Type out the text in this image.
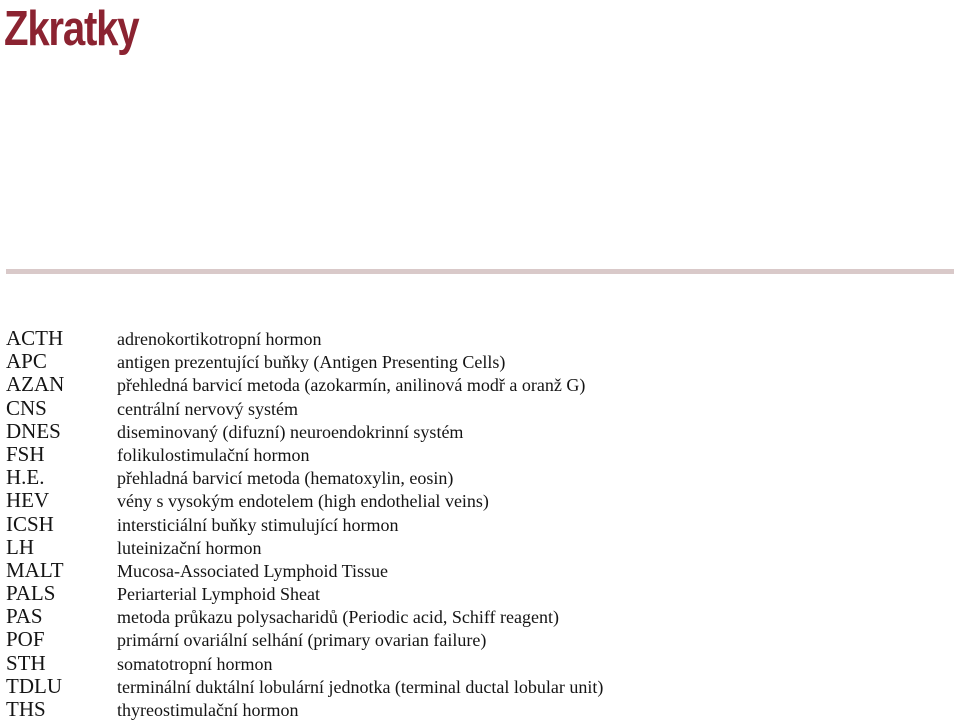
Zkratky
ACTH	adrenokortikotropní hormon
APC	antigen prezentující buňky (Antigen Presenting Cells)
AZAN	přehledná barvicí metoda (azokarmín, anilinová modř a oranž G)
CNS	centrální nervový systém
DNES	diseminovaný (difuzní) neuroendokrinní systém
FSH	folikulostimulační hormon
H.E.	přehladná barvicí metoda (hematoxylin, eosin)
HEV	vény s vysokým endotelem (high endothelial veins)
ICSH	intersticiální buňky stimulující hormon
LH	luteinizační hormon
MALT	Mucosa-Associated Lymphoid Tissue
PALS	Periarterial Lymphoid Sheat
PAS	metoda průkazu polysacharidů (Periodic acid, Schiff reagent)
POF	primární ovariální selhání (primary ovarian failure)
STH	somatotropní hormon
TDLU	terminální duktální lobulární jednotka (terminal ductal lobular unit)
THS	thyreostimulační hormon
